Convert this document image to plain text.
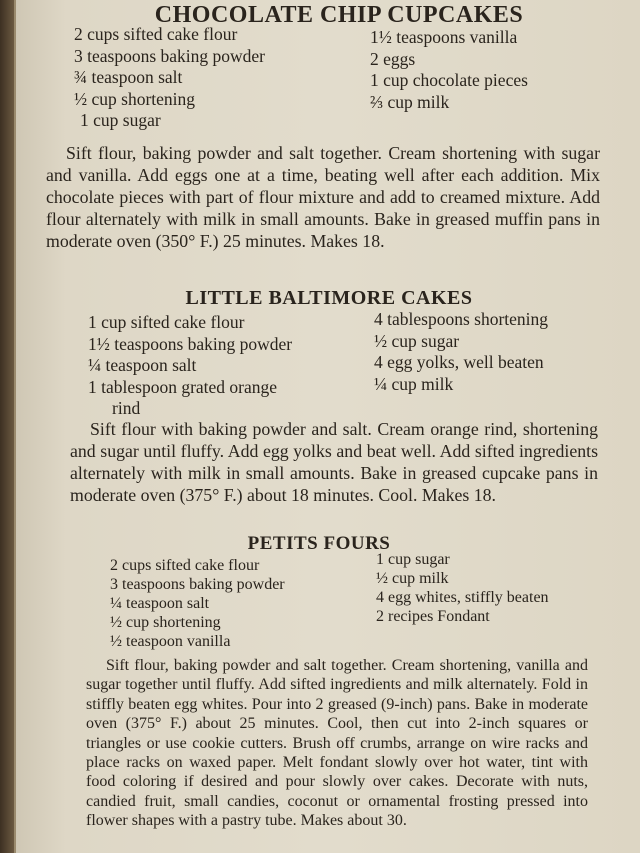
CHOCOLATE CHIP CUPCAKES
2 cups sifted cake flour
3 teaspoons baking powder
¾ teaspoon salt
½ cup shortening
1 cup sugar
1½ teaspoons vanilla
2 eggs
1 cup chocolate pieces
⅔ cup milk

Sift flour, baking powder and salt together. Cream shortening with sugar and vanilla. Add eggs one at a time, beating well after each addition. Mix chocolate pieces with part of flour mixture and add to creamed mixture. Add flour alternately with milk in small amounts. Bake in greased muffin pans in moderate oven (350° F.) 25 minutes. Makes 18.

LITTLE BALTIMORE CAKES
1 cup sifted cake flour
1½ teaspoons baking powder
¼ teaspoon salt
1 tablespoon grated orange
rind
4 tablespoons shortening
½ cup sugar
4 egg yolks, well beaten
¼ cup milk

Sift flour with baking powder and salt. Cream orange rind, shortening and sugar until fluffy. Add egg yolks and beat well. Add sifted ingredients alternately with milk in small amounts. Bake in greased cupcake pans in moderate oven (375° F.) about 18 minutes. Cool. Makes 18.

PETITS FOURS
2 cups sifted cake flour
3 teaspoons baking powder
¼ teaspoon salt
½ cup shortening
½ teaspoon vanilla
1 cup sugar
½ cup milk
4 egg whites, stiffly beaten
2 recipes Fondant

Sift flour, baking powder and salt together. Cream shortening, vanilla and sugar together until fluffy. Add sifted ingredients and milk alternately. Fold in stiffly beaten egg whites. Pour into 2 greased (9-inch) pans. Bake in moderate oven (375° F.) about 25 minutes. Cool, then cut into 2-inch squares or triangles or use cookie cutters. Brush off crumbs, arrange on wire racks and place racks on waxed paper. Melt fondant slowly over hot water, tint with food coloring if desired and pour slowly over cakes. Decorate with nuts, candied fruit, small candies, coconut or ornamental frosting pressed into flower shapes with a pastry tube. Makes about 30.
